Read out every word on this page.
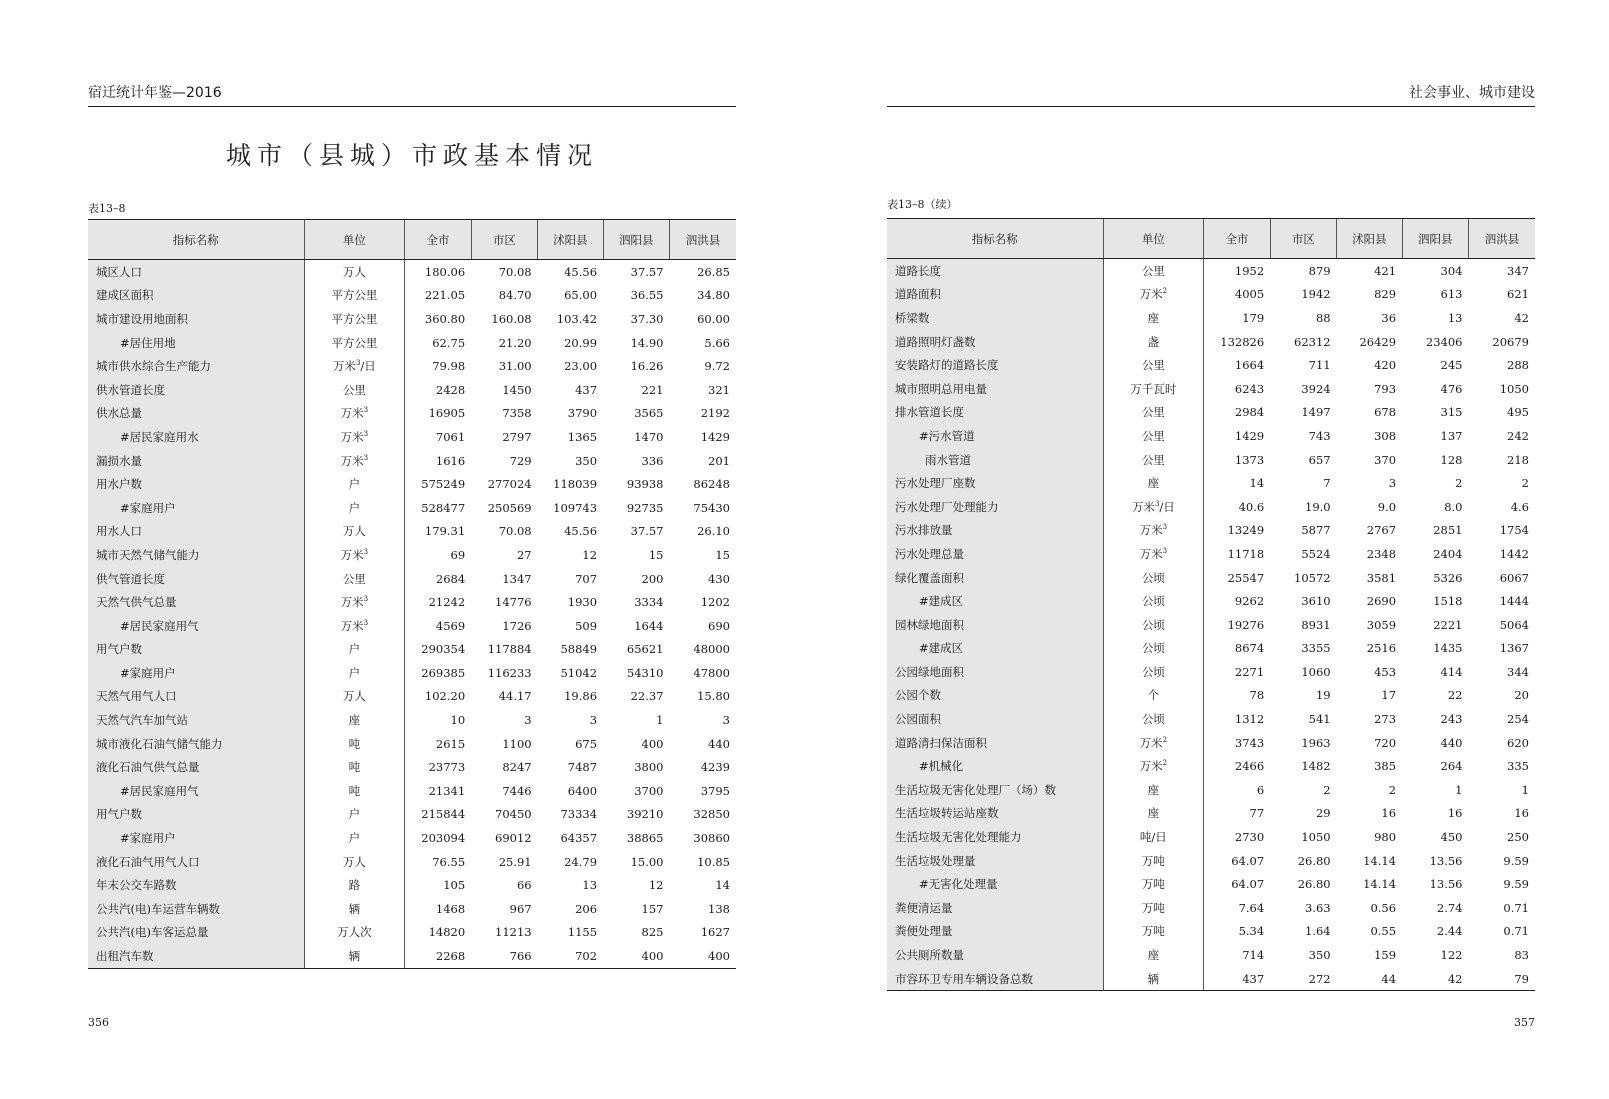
宿迁统计年鉴—2016
城市（县城）市政基本情况
表13–8
指标名称	单位	全市	市区	沭阳县	泗阳县	泗洪县
城区人口	万人	180.06	70.08	45.56	37.57	26.85
建成区面积	平方公里	221.05	84.70	65.00	36.55	34.80
城市建设用地面积	平方公里	360.80	160.08	103.42	37.30	60.00
#居住用地	平方公里	62.75	21.20	20.99	14.90	5.66
城市供水综合生产能力	万米$^3$/日	79.98	31.00	23.00	16.26	9.72
供水管道长度	公里	2428	1450	437	221	321
供水总量	万米$^3$	16905	7358	3790	3565	2192
#居民家庭用水	万米$^3$	7061	2797	1365	1470	1429
漏损水量	万米$^3$	1616	729	350	336	201
用水户数	户	575249	277024	118039	93938	86248
#家庭用户	户	528477	250569	109743	92735	75430
用水人口	万人	179.31	70.08	45.56	37.57	26.10
城市天然气储气能力	万米$^3$	69	27	12	15	15
供气管道长度	公里	2684	1347	707	200	430
天然气供气总量	万米$^3$	21242	14776	1930	3334	1202
#居民家庭用气	万米$^3$	4569	1726	509	1644	690
用气户数	户	290354	117884	58849	65621	48000
#家庭用户	户	269385	116233	51042	54310	47800
天然气用气人口	万人	102.20	44.17	19.86	22.37	15.80
天然气汽车加气站	座	10	3	3	1	3
城市液化石油气储气能力	吨	2615	1100	675	400	440
液化石油气供气总量	吨	23773	8247	7487	3800	4239
#居民家庭用气	吨	21341	7446	6400	3700	3795
用气户数	户	215844	70450	73334	39210	32850
#家庭用户	户	203094	69012	64357	38865	30860
液化石油气用气人口	万人	76.55	25.91	24.79	15.00	10.85
年末公交车路数	路	105	66	13	12	14
公共汽(电)车运营车辆数	辆	1468	967	206	157	138
公共汽(电)车客运总量	万人次	14820	11213	1155	825	1627
出租汽车数	辆	2268	766	702	400	400
356
社会事业、城市建设
表13–8（续）
指标名称	单位	全市	市区	沭阳县	泗阳县	泗洪县
道路长度	公里	1952	879	421	304	347
道路面积	万米$^2$	4005	1942	829	613	621
桥梁数	座	179	88	36	13	42
道路照明灯盏数	盏	132826	62312	26429	23406	20679
安装路灯的道路长度	公里	1664	711	420	245	288
城市照明总用电量	万千瓦时	6243	3924	793	476	1050
排水管道长度	公里	2984	1497	678	315	495
#污水管道	公里	1429	743	308	137	242
雨水管道	公里	1373	657	370	128	218
污水处理厂座数	座	14	7	3	2	2
污水处理厂处理能力	万米$^3$/日	40.6	19.0	9.0	8.0	4.6
污水排放量	万米$^3$	13249	5877	2767	2851	1754
污水处理总量	万米$^3$	11718	5524	2348	2404	1442
绿化覆盖面积	公顷	25547	10572	3581	5326	6067
#建成区	公顷	9262	3610	2690	1518	1444
园林绿地面积	公顷	19276	8931	3059	2221	5064
#建成区	公顷	8674	3355	2516	1435	1367
公园绿地面积	公顷	2271	1060	453	414	344
公园个数	个	78	19	17	22	20
公园面积	公顷	1312	541	273	243	254
道路清扫保洁面积	万米$^2$	3743	1963	720	440	620
#机械化	万米$^2$	2466	1482	385	264	335
生活垃圾无害化处理厂（场）数	座	6	2	2	1	1
生活垃圾转运站座数	座	77	29	16	16	16
生活垃圾无害化处理能力	吨/日	2730	1050	980	450	250
生活垃圾处理量	万吨	64.07	26.80	14.14	13.56	9.59
#无害化处理量	万吨	64.07	26.80	14.14	13.56	9.59
粪便清运量	万吨	7.64	3.63	0.56	2.74	0.71
粪便处理量	万吨	5.34	1.64	0.55	2.44	0.71
公共厕所数量	座	714	350	159	122	83
市容环卫专用车辆设备总数	辆	437	272	44	42	79
357
